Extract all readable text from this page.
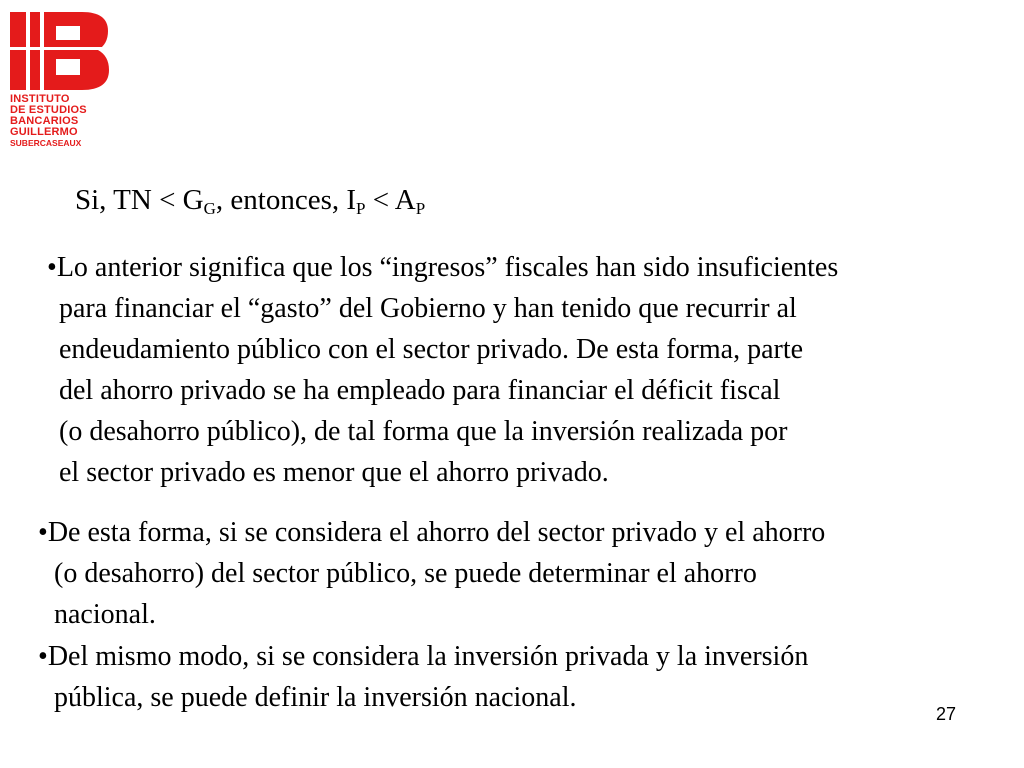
INSTITUTO
DE ESTUDIOS
BANCARIOS
GUILLERMO
SUBERCASEAUX
Si, TN < $G_G$, entonces, $I_P < A_P$
•Lo anterior significa que los “ingresos” fiscales han sido insuficientes
para financiar el “gasto” del Gobierno y han tenido que recurrir al
endeudamiento público con el sector privado. De esta forma, parte
del ahorro privado se ha empleado para financiar el déficit fiscal
(o desahorro público), de tal forma que la inversión realizada por
el sector privado es menor que el ahorro privado.
•De esta forma, si se considera el ahorro del sector privado y el ahorro
(o desahorro) del sector público, se puede determinar el ahorro
nacional.
•Del mismo modo, si se considera la inversión privada y la inversión
pública, se puede definir la inversión nacional.
27
